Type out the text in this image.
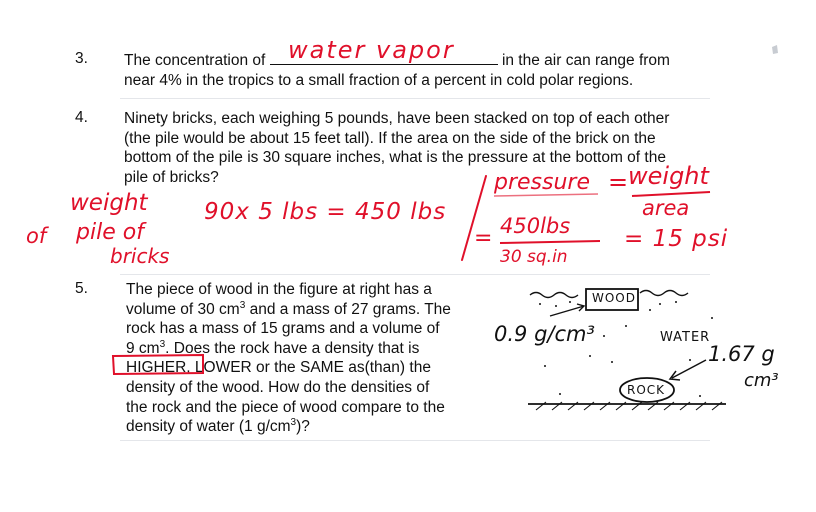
3. The concentration of	in the air can range from
near 4% in the tropics to a small fraction of a percent in cold polar regions.

water vapor
4. Ninety bricks, each weighing 5 pounds, have been stacked on top of each other
(the pile would be about 15 feet tall). If the area on the side of the brick on the
bottom of the pile is 30 square inches, what is the pressure at the bottom of the
pile of bricks?

weight
of pile of
bricks
90x 5 lbs = 450 lbs
pressure = weight
area
= 450lbs
30 sq.in
= 15 psi
5. The piece of wood in the figure at right has a
volume of 30 $cm^3$ and a mass of 27 grams. The
rock has a mass of 15 grams and a volume of
9 $cm^3$. Does the rock have a density that is
HIGHER, LOWER or the SAME as(than) the
density of the wood. How do the densities of
the rock and the piece of wood compare to the
density of water (1 $g/cm^3$)?

0.9 g/cm³
1.67 g
cm³
WOOD
WATER
ROCK
